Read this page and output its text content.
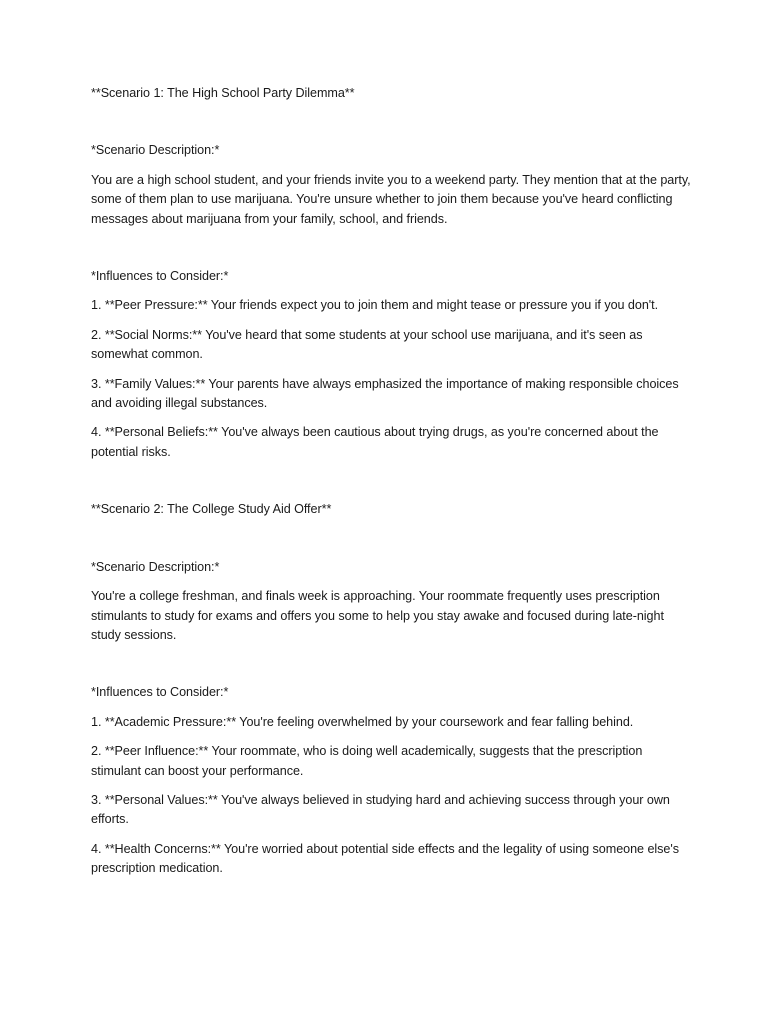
**Scenario 1: The High School Party Dilemma**

*Scenario Description:*

You are a high school student, and your friends invite you to a weekend party. They mention that at the party, some of them plan to use marijuana. You're unsure whether to join them because you've heard conflicting messages about marijuana from your family, school, and friends.

*Influences to Consider:*

1. **Peer Pressure:** Your friends expect you to join them and might tease or pressure you if you don't.

2. **Social Norms:** You've heard that some students at your school use marijuana, and it's seen as somewhat common.

3. **Family Values:** Your parents have always emphasized the importance of making responsible choices and avoiding illegal substances.

4. **Personal Beliefs:** You've always been cautious about trying drugs, as you're concerned about the potential risks.

**Scenario 2: The College Study Aid Offer**

*Scenario Description:*

You're a college freshman, and finals week is approaching. Your roommate frequently uses prescription stimulants to study for exams and offers you some to help you stay awake and focused during late-night study sessions.

*Influences to Consider:*

1. **Academic Pressure:** You're feeling overwhelmed by your coursework and fear falling behind.

2. **Peer Influence:** Your roommate, who is doing well academically, suggests that the prescription stimulant can boost your performance.

3. **Personal Values:** You've always believed in studying hard and achieving success through your own efforts.

4. **Health Concerns:** You're worried about potential side effects and the legality of using someone else's prescription medication.
